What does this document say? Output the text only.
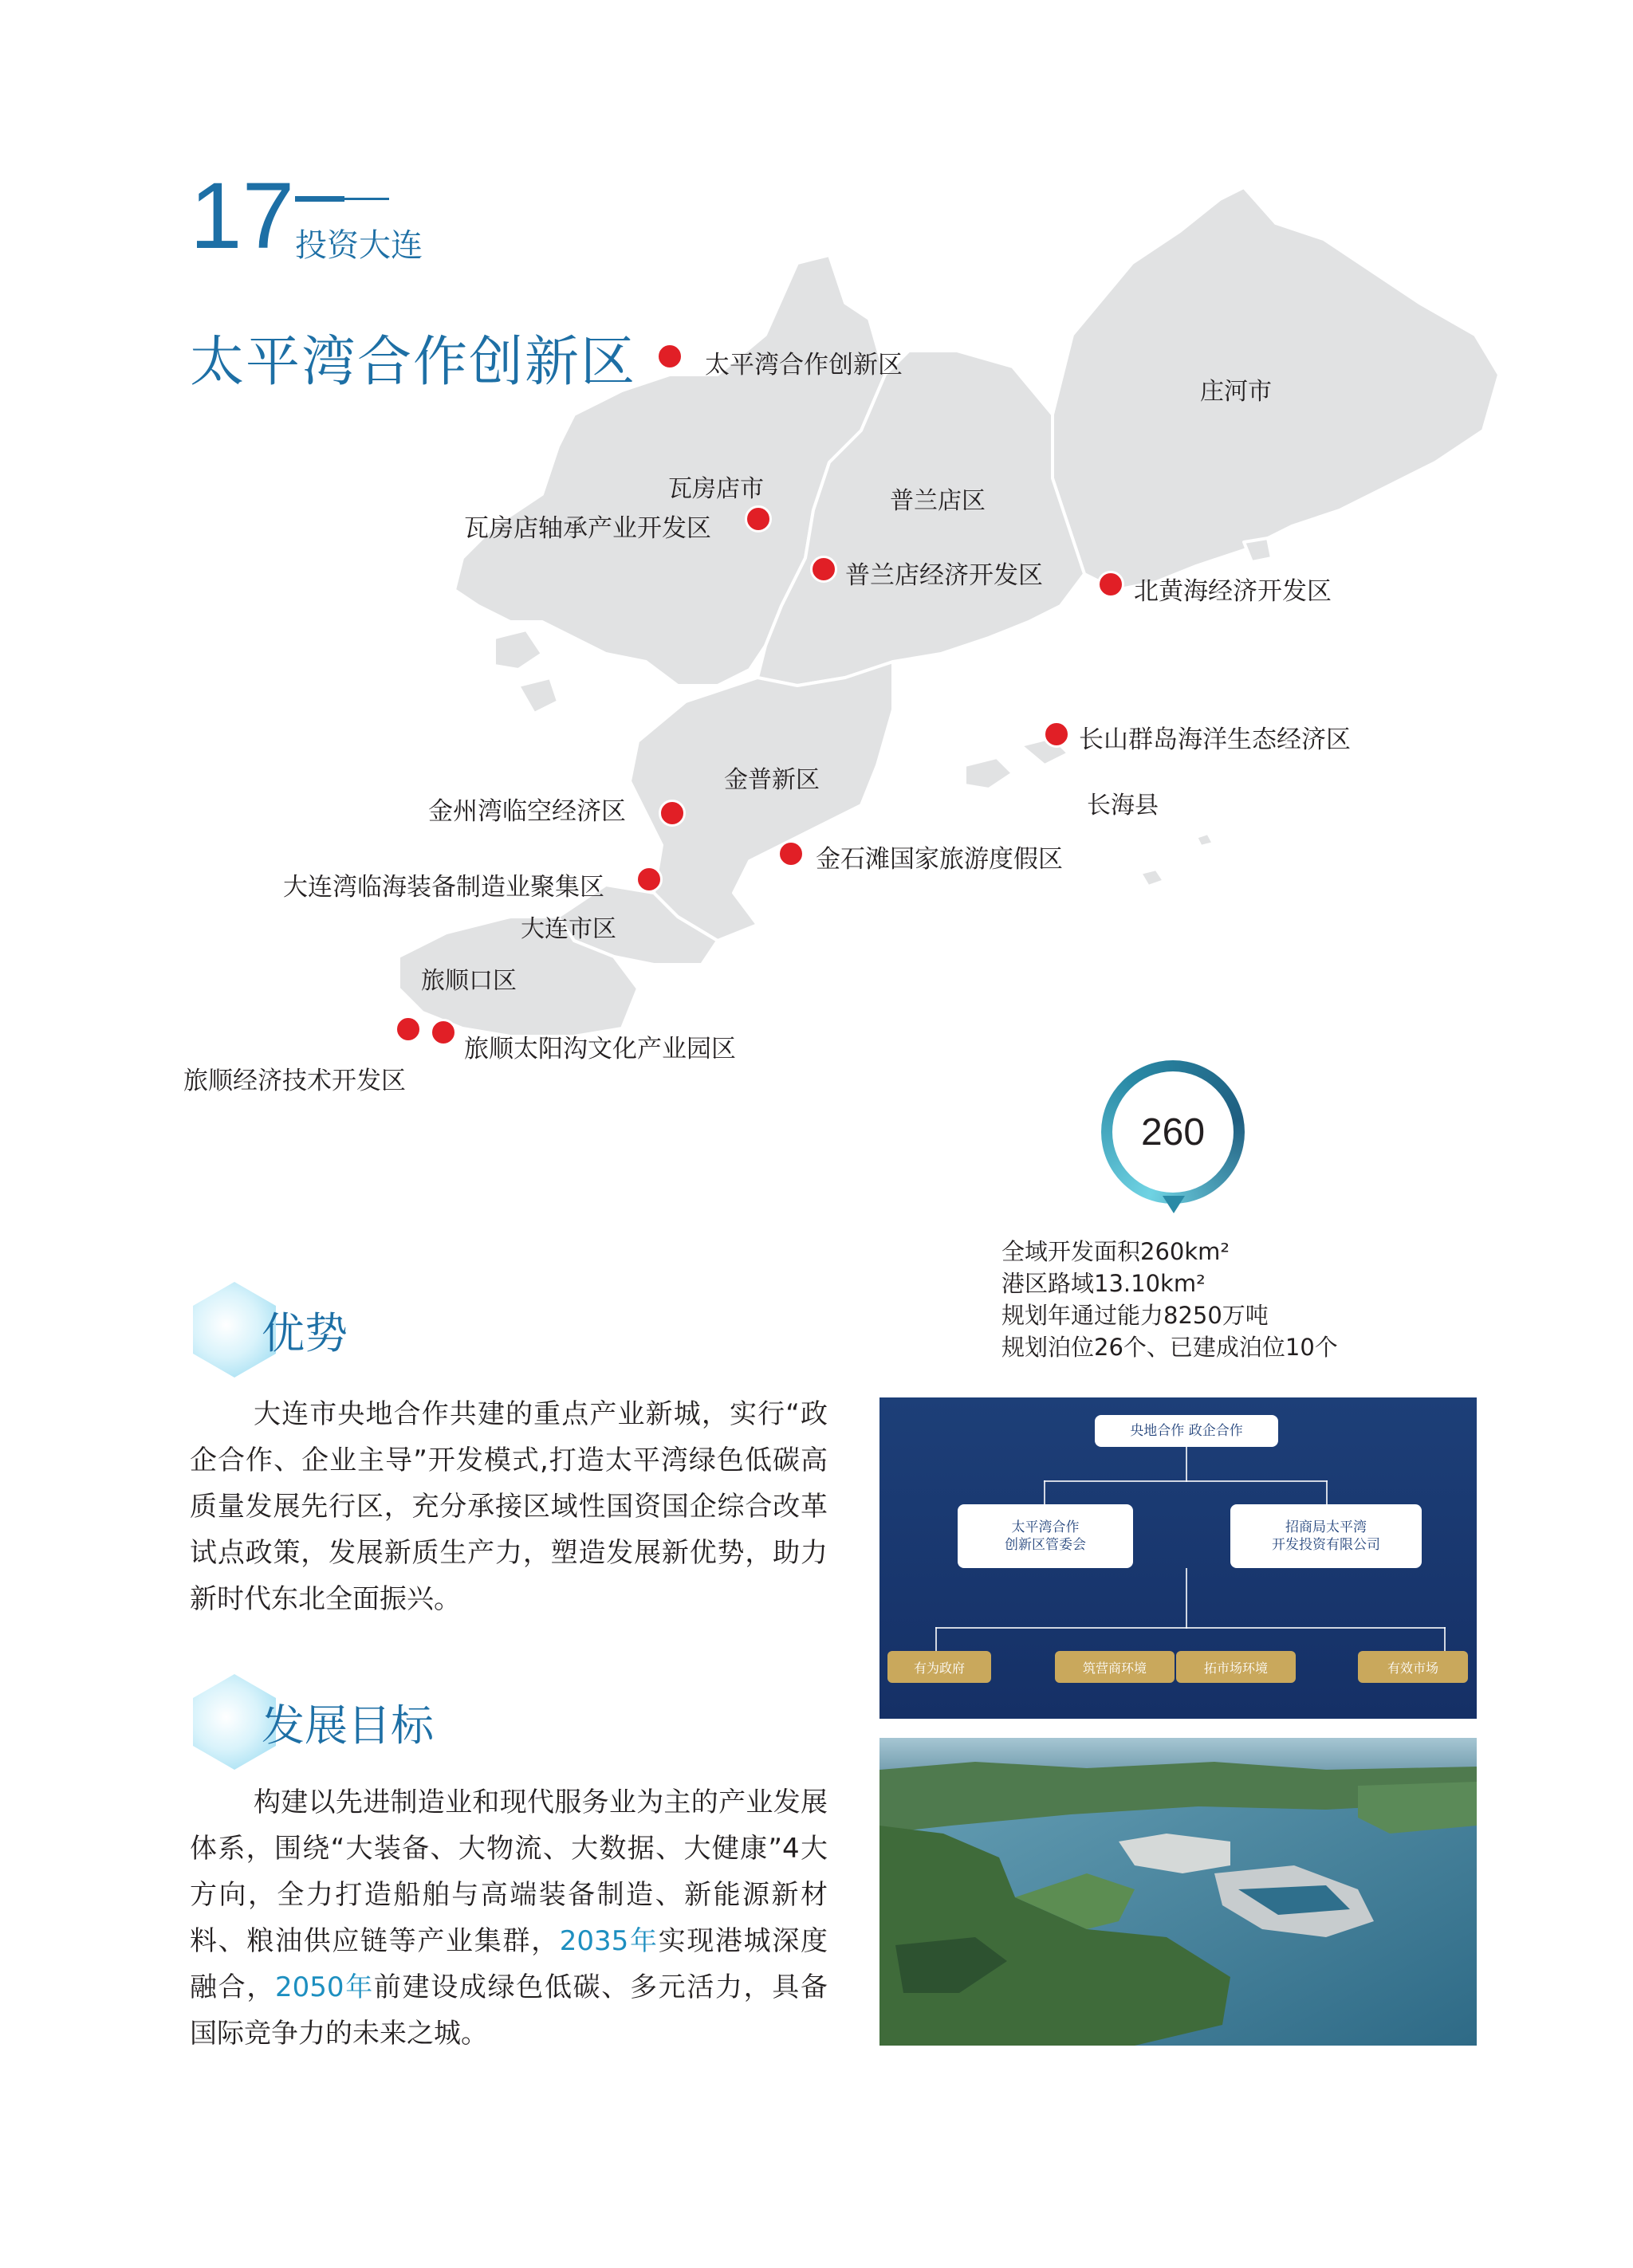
17 投资大连
太平湾合作创新区	庄河市
瓦房店市	普兰店区
金普新区
长海县
大连市区
旅顺口区
太平湾合作创新区
瓦房店轴承产业开发区
普兰店经济开发区
北黄海经济开发区
长山群岛海洋生态经济区
金州湾临空经济区
金石滩国家旅游度假区
大连湾临海装备制造业聚集区
旅顺太阳沟文化产业园区
旅顺经济技术开发区
260
全域开发面积260km²
港区路域13.10km²
规划年通过能力8250万吨
规划泊位26个、已建成泊位10个
优势
大连市央地合作共建的重点产业新城，实行“政企合作、企业主导”开发模式,打造太平湾绿色低碳高质量发展先行区，充分承接区域性国资国企综合改革试点政策，发展新质生产力，塑造发展新优势，助力新时代东北全面振兴。
发展目标
构建以先进制造业和现代服务业为主的产业发展体系，围绕“大装备、大物流、大数据、大健康”4大方向，全力打造船舶与高端装备制造、新能源新材料、粮油供应链等产业集群，2035年实现港城深度融合，2050年前建设成绿色低碳、多元活力，具备国际竞争力的未来之城。
央地合作 政企合作
太平湾合作
创新区管委会
招商局太平湾
开发投资有限公司
有为政府	筑营商环境	拓市场环境	有效市场
